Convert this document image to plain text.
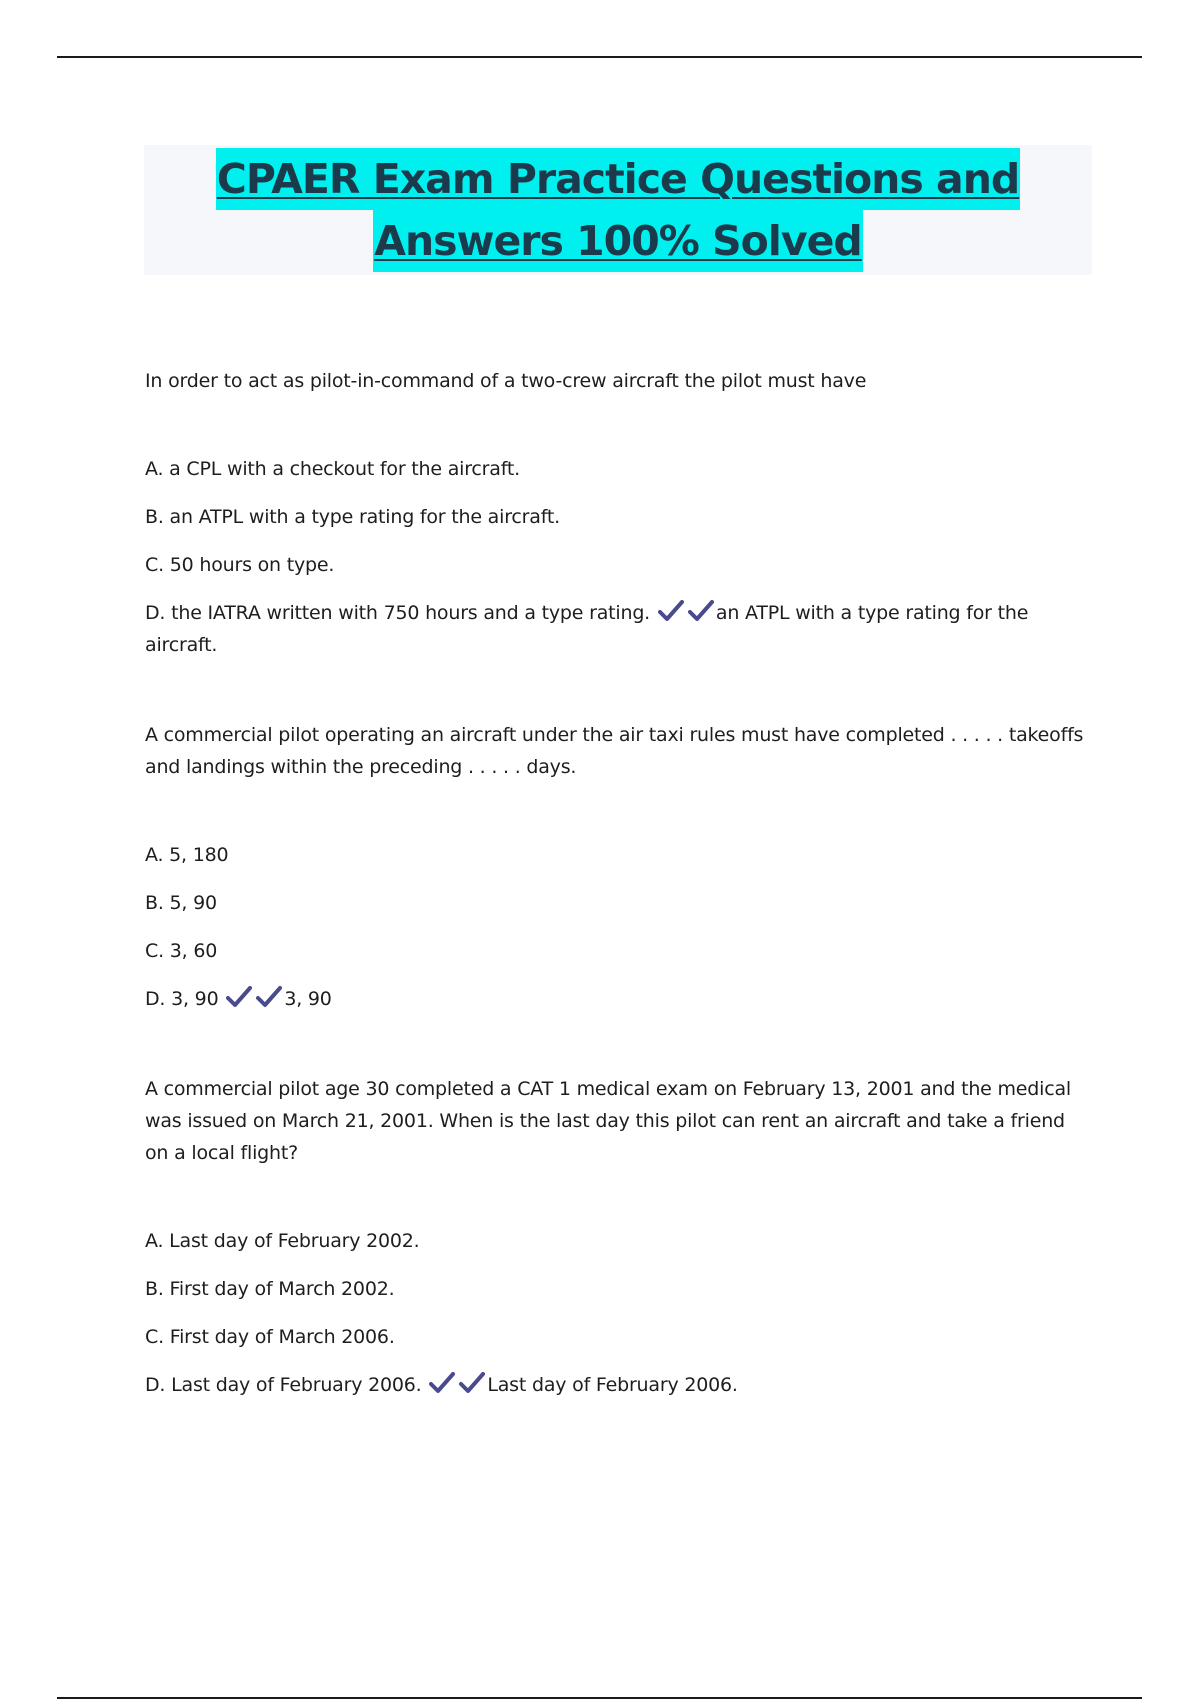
CPAER Exam Practice Questions and
Answers 100% Solved

In order to act as pilot-in-command of a two-crew aircraft the pilot must have

A. a CPL with a checkout for the aircraft.

B. an ATPL with a type rating for the aircraft.

C. 50 hours on type.

D. the IATRA written with 750 hours and a type rating.	an ATPL with a type rating for the aircraft.

A commercial pilot operating an aircraft under the air taxi rules must have completed . . . . . takeoffs and landings within the preceding . . . . . days.

A. 5, 180

B. 5, 90

C. 3, 60

D. 3, 90	3, 90

A commercial pilot age 30 completed a CAT 1 medical exam on February 13, 2001 and the medical was issued on March 21, 2001. When is the last day this pilot can rent an aircraft and take a friend on a local flight?

A. Last day of February 2002.

B. First day of March 2002.

C. First day of March 2006.

D. Last day of February 2006.	Last day of February 2006.
